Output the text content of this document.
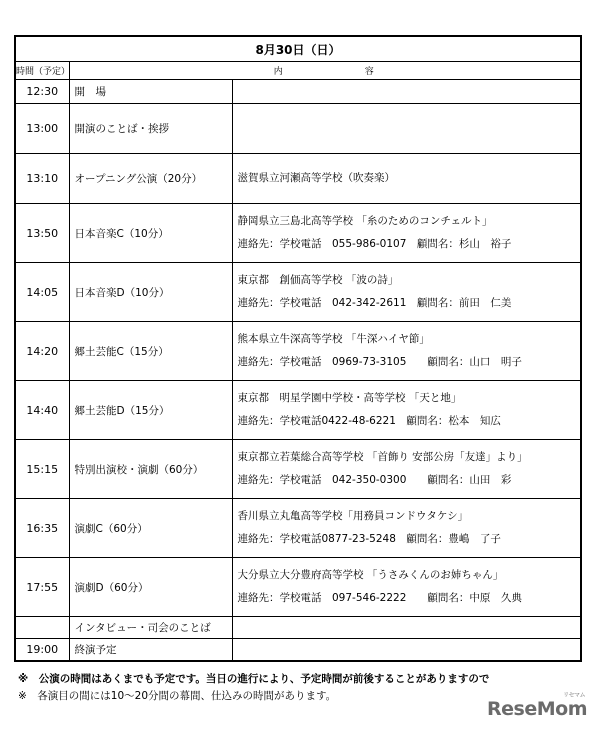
8月30日（日）		
時間（予定）	内 容	
12:30	開　場	
13:00	開演のことば・挨拶	
13:10	オープニング公演（20分）	滋賀県立河瀬高等学校（吹奏楽）

13:50	日本音楽C（10分）	静岡県立三島北高等学校 「糸のためのコンチェルト」
連絡先：学校電話　055-986-0107　顧問名：杉山　裕子

14:05	日本音楽D（10分）	東京都　創価高等学校 「波の詩」
連絡先：学校電話　042-342-2611　顧問名：前田　仁美

14:20	郷土芸能C（15分）	熊本県立牛深高等学校 「牛深ハイヤ節」
連絡先：学校電話　0969-73-3105　　顧問名：山口　明子

14:40	郷土芸能D（15分）	東京都　明星学園中学校・高等学校 「天と地」
連絡先：学校電話0422-48-6221　顧問名：松本　知広

15:15	特別出演校・演劇（60分）	東京都立若葉総合高等学校 「首飾り 安部公房「友達」より」
連絡先：学校電話　042-350-0300　　顧問名：山田　彩

16:35	演劇C（60分）	香川県立丸亀高等学校「用務員コンドウタケシ」
連絡先：学校電話0877-23-5248　顧問名：豊嶋　了子

17:55	演劇D（60分）	大分県立大分豊府高等学校 「うさみくんのお姉ちゃん」
連絡先：学校電話　097-546-2222　　顧問名：中原　久典

	インタビュー・司会のことば	
19:00	終演予定	
※　公演の時間はあくまでも予定です。当日の進行により、予定時間が前後することがありますので
※　各演目の間には10～20分間の幕間、仕込みの時間があります。
ReseMom
リセマム
